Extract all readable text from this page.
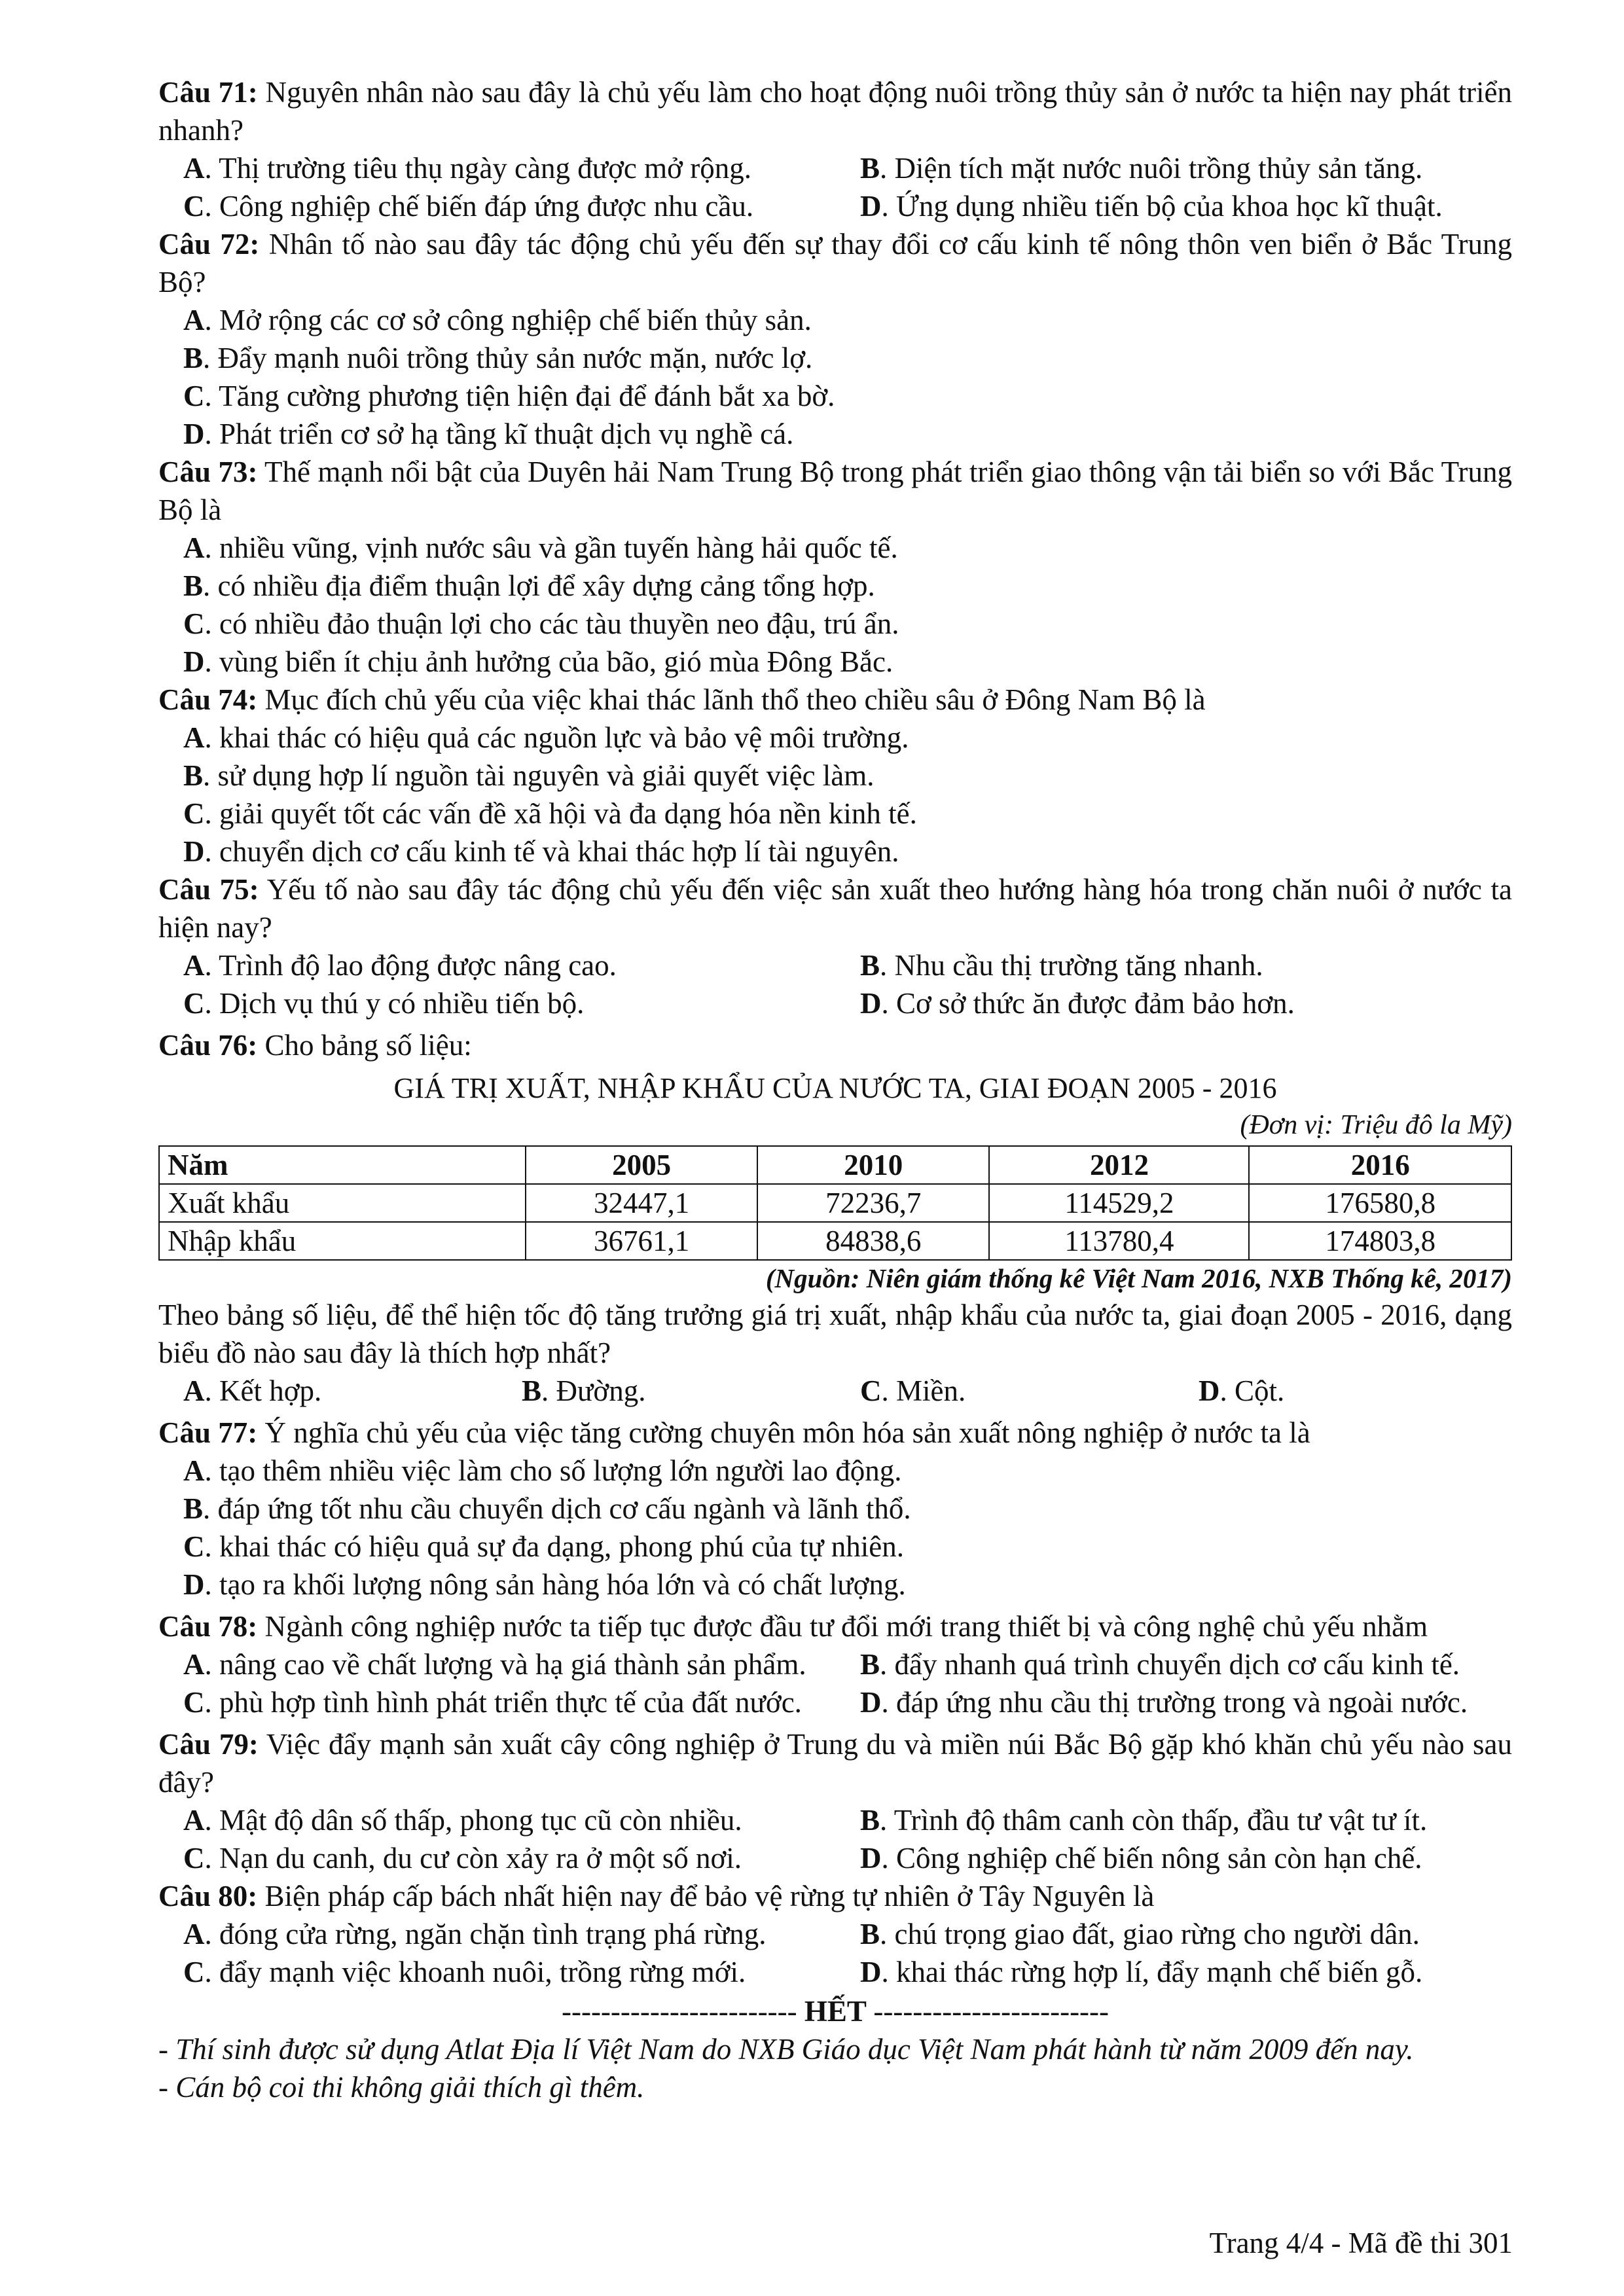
Câu 71: Nguyên nhân nào sau đây là chủ yếu làm cho hoạt động nuôi trồng thủy sản ở nước ta hiện nay phát triển nhanh?
A. Thị trường tiêu thụ ngày càng được mở rộng.	B. Diện tích mặt nước nuôi trồng thủy sản tăng.
C. Công nghiệp chế biến đáp ứng được nhu cầu.	D. Ứng dụng nhiều tiến bộ của khoa học kĩ thuật.
Câu 72: Nhân tố nào sau đây tác động chủ yếu đến sự thay đổi cơ cấu kinh tế nông thôn ven biển ở Bắc Trung Bộ?
A. Mở rộng các cơ sở công nghiệp chế biến thủy sản.
B. Đẩy mạnh nuôi trồng thủy sản nước mặn, nước lợ.
C. Tăng cường phương tiện hiện đại để đánh bắt xa bờ.
D. Phát triển cơ sở hạ tầng kĩ thuật dịch vụ nghề cá.
Câu 73: Thế mạnh nổi bật của Duyên hải Nam Trung Bộ trong phát triển giao thông vận tải biển so với Bắc Trung Bộ là
A. nhiều vũng, vịnh nước sâu và gần tuyến hàng hải quốc tế.
B. có nhiều địa điểm thuận lợi để xây dựng cảng tổng hợp.
C. có nhiều đảo thuận lợi cho các tàu thuyền neo đậu, trú ẩn.
D. vùng biển ít chịu ảnh hưởng của bão, gió mùa Đông Bắc.
Câu 74: Mục đích chủ yếu của việc khai thác lãnh thổ theo chiều sâu ở Đông Nam Bộ là
A. khai thác có hiệu quả các nguồn lực và bảo vệ môi trường.
B. sử dụng hợp lí nguồn tài nguyên và giải quyết việc làm.
C. giải quyết tốt các vấn đề xã hội và đa dạng hóa nền kinh tế.
D. chuyển dịch cơ cấu kinh tế và khai thác hợp lí tài nguyên.
Câu 75: Yếu tố nào sau đây tác động chủ yếu đến việc sản xuất theo hướng hàng hóa trong chăn nuôi ở nước ta hiện nay?
A. Trình độ lao động được nâng cao.	B. Nhu cầu thị trường tăng nhanh.
C. Dịch vụ thú y có nhiều tiến bộ.	D. Cơ sở thức ăn được đảm bảo hơn.
Câu 76: Cho bảng số liệu:
GIÁ TRỊ XUẤT, NHẬP KHẨU CỦA NƯỚC TA, GIAI ĐOẠN 2005 - 2016
(Đơn vị: Triệu đô la Mỹ)
Năm	2005	2010	2012	2016
Xuất khẩu	32447,1	72236,7	114529,2	176580,8
Nhập khẩu	36761,1	84838,6	113780,4	174803,8
(Nguồn: Niên giám thống kê Việt Nam 2016, NXB Thống kê, 2017)
Theo bảng số liệu, để thể hiện tốc độ tăng trưởng giá trị xuất, nhập khẩu của nước ta, giai đoạn 2005 - 2016, dạng biểu đồ nào sau đây là thích hợp nhất?
A. Kết hợp.	B. Đường.	C. Miền.	D. Cột.
Câu 77: Ý nghĩa chủ yếu của việc tăng cường chuyên môn hóa sản xuất nông nghiệp ở nước ta là
A. tạo thêm nhiều việc làm cho số lượng lớn người lao động.
B. đáp ứng tốt nhu cầu chuyển dịch cơ cấu ngành và lãnh thổ.
C. khai thác có hiệu quả sự đa dạng, phong phú của tự nhiên.
D. tạo ra khối lượng nông sản hàng hóa lớn và có chất lượng.
Câu 78: Ngành công nghiệp nước ta tiếp tục được đầu tư đổi mới trang thiết bị và công nghệ chủ yếu nhằm
A. nâng cao về chất lượng và hạ giá thành sản phẩm.	B. đẩy nhanh quá trình chuyển dịch cơ cấu kinh tế.
C. phù hợp tình hình phát triển thực tế của đất nước.	D. đáp ứng nhu cầu thị trường trong và ngoài nước.
Câu 79: Việc đẩy mạnh sản xuất cây công nghiệp ở Trung du và miền núi Bắc Bộ gặp khó khăn chủ yếu nào sau đây?
A. Mật độ dân số thấp, phong tục cũ còn nhiều.	B. Trình độ thâm canh còn thấp, đầu tư vật tư ít.
C. Nạn du canh, du cư còn xảy ra ở một số nơi.	D. Công nghiệp chế biến nông sản còn hạn chế.
Câu 80: Biện pháp cấp bách nhất hiện nay để bảo vệ rừng tự nhiên ở Tây Nguyên là
A. đóng cửa rừng, ngăn chặn tình trạng phá rừng.	B. chú trọng giao đất, giao rừng cho người dân.
C. đẩy mạnh việc khoanh nuôi, trồng rừng mới.	D. khai thác rừng hợp lí, đẩy mạnh chế biến gỗ.
------------------------ HẾT ------------------------
- Thí sinh được sử dụng Atlat Địa lí Việt Nam do NXB Giáo dục Việt Nam phát hành từ năm 2009 đến nay.
- Cán bộ coi thi không giải thích gì thêm.
Trang 4/4 - Mã đề thi 301
